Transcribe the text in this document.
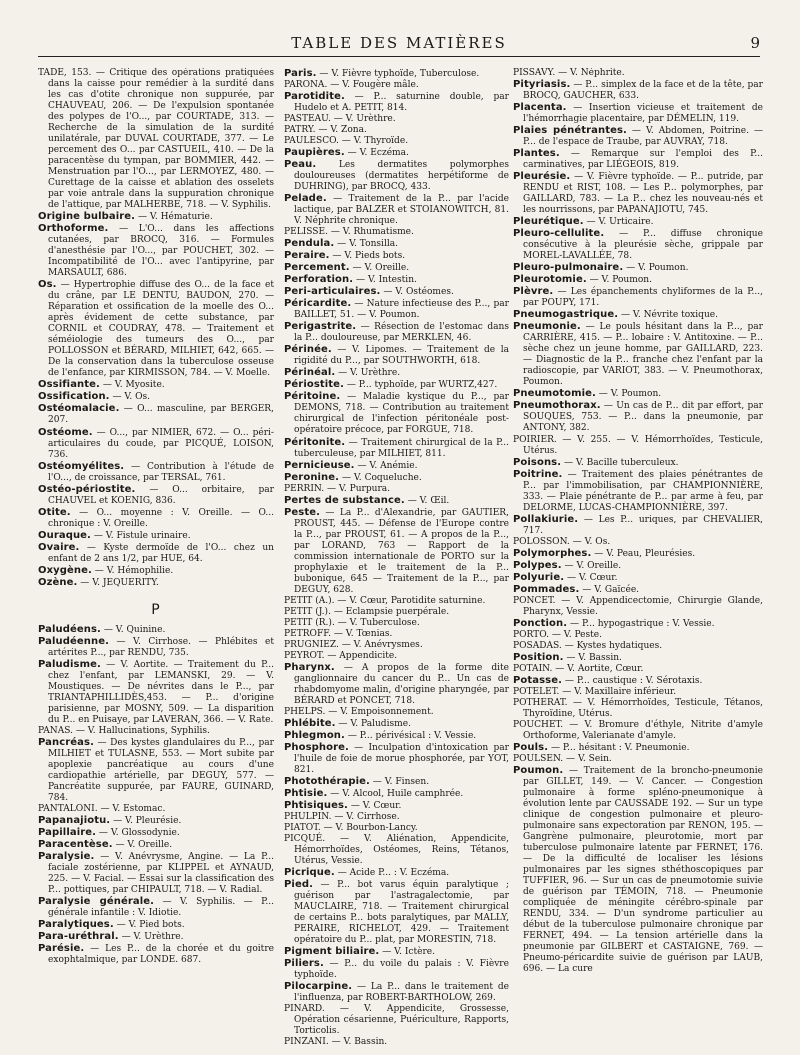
TABLE DES MATIÈRES	9

TADE, 153. — Critique des opérations pratiquées dans la caisse pour remédier à la surdité dans les cas d'otite chronique non suppurée, par CHAUVEAU, 206. — De l'expulsion spontanée des polypes de l'O..., par COURTADE, 313. — Recherche de la simulation de la surdité unilatérale, par DUVAL COURTADE, 377. — Le percement des O... par CASTUEIL, 410. — De la paracentèse du tympan, par BOMMIER, 442. — Menstruation par l'O..., par LERMOYEZ, 480. — Curettage de la caisse et ablation des osselets par voie antrale dans la suppuration chronique de l'attique, par MALHERBE, 718. — V. Syphilis.

Origine bulbaire. — V. Hématurie.

Orthoforme. — L'O... dans les affections cutanées, par BROCQ, 316. — Formules d'anesthésie par l'O..., par POUCHET, 302. — Incompatibilité de l'O... avec l'antipyrine, par MARSAULT, 686.

Os. — Hypertrophie diffuse des O... de la face et du crâne, par LE DENTU, BAUDON, 270. — Réparation et ossification de la moelle des O... après évidement de cette substance, par CORNIL et COUDRAY, 478. — Traitement et séméiologie des tumeurs des O..., par POLLOSSON et BÉRARD, MILHIET, 642, 665. — De la conservation dans la tuberculose osseuse de l'enfance, par KIRMISSON, 784. — V. Moelle.

Ossifiante. — V. Myosite.

Ossification. — V. Os.

Ostéomalacie. — O... masculine, par BERGER, 207.

Ostéome. — O..., par NIMIER, 672. — O... péri-articulaires du coude, par PICQUÉ, LOISON, 736.

Ostéomyélites. — Contribution à l'étude de l'O..., de croissance, par TERSAL, 761.

Ostéo-périostite. — O... orbitaire, par CHAUVEL et KOENIG, 836.

Otite. — O... moyenne : V. Oreille. — O... chronique : V. Oreille.

Ouraque. — V. Fistule urinaire.

Ovaire. — Kyste dermoïde de l'O... chez un enfant de 2 ans 1/2, par HUE, 64.

Oxygène. — V. Hémophilie.

Ozène. — V. JEQUERITY.

P

Paludéens. — V. Quinine.

Paludéenne. — V. Cirrhose. — Phlébites et artérites P..., par RENDU, 735.

Paludisme. — V. Aortite. — Traitement du P... chez l'enfant, par LEMANSKI, 29. — V. Moustiques. — De névrites dans le P..., par TRIANTAPHILLIDÈS,453. — P... d'origine parisienne, par MOSNY, 509. — La disparition du P... en Puisaye, par LAVERAN, 366. — V. Rate.

PANAS. — V. Hallucinations, Syphilis.

Pancréas. — Des kystes glandulaires du P..., par MILHIET et TULASNE, 553. — Mort subite par apoplexie pancréatique au cours d'une cardiopathie artérielle, par DEGUY, 577. — Pancréatite suppurée, par FAURE, GUINARD, 784.

PANTALONI. — V. Estomac.

Papanajiotu. — V. Pleurésie.

Papillaire. — V. Glossodynie.

Paracentèse. — V. Oreille.

Paralysie. — V. Anévrysme, Angine. — La P... faciale zostérienne, par KLIPPEL et AYNAUD, 225. — V. Facial. — Essai sur la classification des P... pottiques, par CHIPAULT, 718. — V. Radial.

Paralysie générale. — V. Syphilis. — P... générale infantile : V. Idiotie.

Paralytiques. — V. Pied bots.

Para-uréthral. — V. Urèthre.

Parésie. — Les P... de la chorée et du goitre exophtalmique, par LONDE. 687.

Paris. — V. Fièvre typhoïde, Tuberculose.

PARONA. — V. Fougère mâle.

Parotidite. — P... saturnine double, par Hudelo et A. PETIT, 814.

PASTEAU. — V. Urèthre.

PATRY. — V. Zona.

PAULESCO. — V. Thyroïde.

Paupières. — V. Eczéma.

Peau. Les dermatites polymorphes douloureuses (dermatites herpétiforme de DUHRING), par BROCQ, 433.

Pelade. — Traitement de la P... par l'acide lactique, par BALZER et STOIANOWITCH, 81. V. Néphrite chronique.

PELISSE. — V. Rhumatisme.

Pendula. — V. Tonsilla.

Peraire. — V. Pieds bots.

Percement. — V. Oreille.

Perforation. — V. Intestin.

Peri-articulaires. — V. Ostéomes.

Péricardite. — Nature infectieuse des P..., par BAILLET, 51. — V. Poumon.

Perigastrite. — Résection de l'estomac dans la P... douloureuse, par MERKLEN, 46.

Périnée. — V. Lipomes. — Traitement de la rigidité du P..., par SOUTHWORTH, 618.

Périnéal. — V. Urèthre.

Périostite. — P... typhoïde, par WURTZ,427.

Péritoine. — Maladie kystique du P..., par DEMONS, 718. — Contribution au traitement chirurgical de l'infection péritonéale post-opératoire précoce, par FORGUE, 718.

Péritonite. — Traitement chirurgical de la P... tuberculeuse, par MILHIET, 811.

Pernicieuse. — V. Anémie.

Peronine. — V. Coqueluche.

PERRIN. — V. Purpura.

Pertes de substance. — V. Œil.

Peste. — La P... d'Alexandrie, par GAUTIER, PROUST, 445. — Défense de l'Europe contre la P..., par PROUST, 61. — A propos de la P..., par LORAND, 763 — Rapport de la commission internationale de PORTO sur la prophylaxie et le traitement de la P... bubonique, 645 — Traitement de la P..., par DEGUY, 628.

PETIT (A.). — V. Cœur, Parotidite saturnine.

PETIT (J.). — Eclampsie puerpérale.

PETIT (R.). — V. Tuberculose.

PETROFF. — V. Tœnias.

PRUGNIEZ. — V. Anévrysmes.

PEYROT. — Appendicite.

Pharynx. — A propos de la forme dite ganglionnaire du cancer du P... Un cas de rhabdomyome malin, d'origine pharyngée, par BÉRARD et PONCET, 718.

PHELPS. — V. Empoisonnement.

Phlébite. — V. Paludisme.

Phlegmon. — P... périvésical : V. Vessie.

Phosphore. — Inculpation d'intoxication par l'huile de foie de morue phosphorée, par YOT, 821.

Photothérapie. — V. Finsen.

Phtisie. — V. Alcool, Huile camphrée.

Phtisiques. — V. Cœur.

PHULPIN. — V. Cirrhose.

PIATOT. — V. Bourbon-Lancy.

PICQUÉ. — V. Aliénation, Appendicite, Hémorrhoïdes, Ostéomes, Reins, Tétanos, Utérus, Vessie.

Picrique. — Acide P... : V. Eczéma.

Pied. — P... bot varus équin paralytique ; guérison par l'astragalectomie, par MAUCLAIRE, 718. — Traitement chirurgical de certains P... bots paralytiques, par MALLY, PERAIRE, RICHELOT, 429. — Traitement opératoire du P... plat, par MORESTIN, 718.

Pigment biliaire. — V. Ictère.

Piliers. — P... du voile du palais : V. Fièvre typhoïde.

Pilocarpine. — La P... dans le traitement de l'influenza, par ROBERT-BARTHOLOW, 269.

PINARD. — V. Appendicite, Grossesse, Opération césarienne, Puériculture, Rapports, Torticolis.

PINZANI. — V. Bassin.

PISSAVY. — V. Néphrite.

Pityriasis. — P... simplex de la face et de la tête, par BROCQ, GAUCHER, 633.

Placenta. — Insertion vicieuse et traitement de l'hémorrhagie placentaire, par DÉMELIN, 119.

Plaies pénétrantes. — V. Abdomen, Poitrine. — P... de l'espace de Traube, par AUVRAY, 718.

Plantes. — Remarque sur l'emploi des P... carminatives, par LIÉGEOIS, 819.

Pleurésie. — V. Fièvre typhoïde. — P... putride, par RENDU et RIST, 108. — Les P... polymorphes, par GAILLARD, 783. — La P... chez les nouveau-nés et les nourrissons, par PAPANAJIOTU, 745.

Pleurétique. — V. Urticaire.

Pleuro-cellulite. — P... diffuse chronique consécutive à la pleurésie sèche, grippale par MOREL-LAVALLÉE, 78.

Pleuro-pulmonaire. — V. Poumon.

Pleurotomie. — V. Poumon.

Plèvre. — Les épanchements chyliformes de la P..., par POUPY, 171.

Pneumogastrique. — V. Névrite toxique.

Pneumonie. — Le pouls hésitant dans la P..., par CARRIÈRE, 415. — P... lobaire : V. Antitoxine. — P... sèche chez un jeune homme, par GAILLARD, 223. — Diagnostic de la P... franche chez l'enfant par la radioscopie, par VARIOT, 383. — V. Pneumothorax, Poumon.

Pneumotomie. — V. Poumon.

Pneumothorax. — Un cas de P... dit par effort, par SOUQUES, 753. — P... dans la pneumonie, par ANTONY, 382.

POIRIER. — V. 255. — V. Hémorrhoïdes, Testicule, Utérus.

Poisons. — V. Bacille tuberculeux.

Poitrine. — Traitement des plaies pénétrantes de P... par l'immobilisation, par CHAMPIONNIÈRE, 333. — Plaie pénétrante de P... par arme à feu, par DELORME, LUCAS-CHAMPIONNIÈRE, 397.

Pollakiurie. — Les P... uriques, par CHEVALIER, 717.

POLOSSON. — V. Os.

Polymorphes. — V. Peau, Pleurésies.

Polypes. — V. Oreille.

Polyurie. — V. Cœur.

Pommades. — V. Gaïcée.

PONCET. — V. Appendicectomie, Chirurgie Glande, Pharynx, Vessie.

Ponction. — P... hypogastrique : V. Vessie.

PORTO. — V. Peste.

POSADAS. — Kystes hydatiques.

Position. — V. Bassin.

POTAIN. — V. Aortite, Cœur.

Potasse. — P... caustique : V. Sérotaxis.

POTELET. — V. Maxillaire inférieur.

POTHERAT. — V. Hémorrhoïdes, Testicule, Tétanos, Thyroïdine, Utérus.

POUCHET. — V. Bromure d'éthyle, Nitrite d'amyle Orthoforme, Valerianate d'amyle.

Pouls. — P... hésitant : V. Pneumonie.

POULSEN. — V. Sein.

Poumon. — Traitement de la broncho-pneumonie par GILLET, 149. — V. Cancer. — Congestion pulmonaire à forme spléno-pneumonique à évolution lente par CAUSSADE 192. — Sur un type clinique de congestion pulmonaire et pleuro-pulmonaire sans expectoration par RENON, 195. — Gangrène pulmonaire, pleurotomie, mort par tuberculose pulmonaire latente par FERNET, 176. — De la difficulté de localiser les lésions pulmonaires par les signes sthéthoscopiques par TUFFIER, 96. — Sur un cas de pneumotomie suivie de guérison par TÉMOIN, 718. — Pneumonie compliquée de méningite cérébro-spinale par RENDU, 334. — D'un syndrome particulier au début de la tuberculose pulmonaire chronique par FERNET, 494. — La tension artérielle dans la pneumonie par GILBERT et CASTAIGNE, 769. — Pneumo-péricardite suivie de guérison par LAUB, 696. — La cure
